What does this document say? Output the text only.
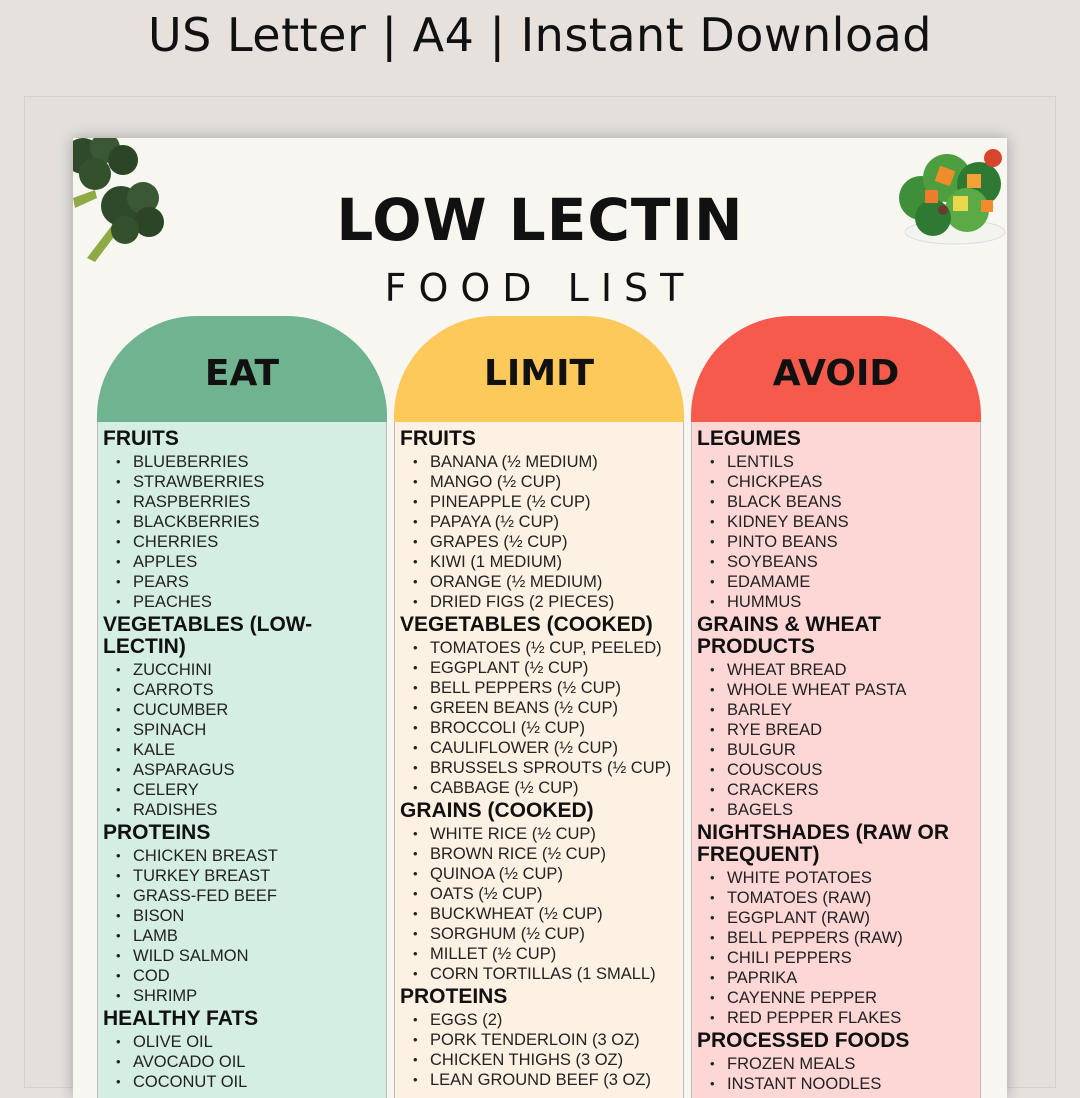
US Letter | A4 | Instant Download
LOW LECTIN
FOOD LIST
EAT
FRUITS
• BLUEBERRIES
• STRAWBERRIES
• RASPBERRIES
• BLACKBERRIES
• CHERRIES
• APPLES
• PEARS
• PEACHES
VEGETABLES (LOW-LECTIN)
• ZUCCHINI
• CARROTS
• CUCUMBER
• SPINACH
• KALE
• ASPARAGUS
• CELERY
• RADISHES
PROTEINS
• CHICKEN BREAST
• TURKEY BREAST
• GRASS-FED BEEF
• BISON
• LAMB
• WILD SALMON
• COD
• SHRIMP
HEALTHY FATS
• OLIVE OIL
• AVOCADO OIL
• COCONUT OIL
LIMIT
FRUITS
• BANANA (½ MEDIUM)
• MANGO (½ CUP)
• PINEAPPLE (½ CUP)
• PAPAYA (½ CUP)
• GRAPES (½ CUP)
• KIWI (1 MEDIUM)
• ORANGE (½ MEDIUM)
• DRIED FIGS (2 PIECES)
VEGETABLES (COOKED)
• TOMATOES (½ CUP, PEELED)
• EGGPLANT (½ CUP)
• BELL PEPPERS (½ CUP)
• GREEN BEANS (½ CUP)
• BROCCOLI (½ CUP)
• CAULIFLOWER (½ CUP)
• BRUSSELS SPROUTS (½ CUP)
• CABBAGE (½ CUP)
GRAINS (COOKED)
• WHITE RICE (½ CUP)
• BROWN RICE (½ CUP)
• QUINOA (½ CUP)
• OATS (½ CUP)
• BUCKWHEAT (½ CUP)
• SORGHUM (½ CUP)
• MILLET (½ CUP)
• CORN TORTILLAS (1 SMALL)
PROTEINS
• EGGS (2)
• PORK TENDERLOIN (3 OZ)
• CHICKEN THIGHS (3 OZ)
• LEAN GROUND BEEF (3 OZ)
AVOID
LEGUMES
• LENTILS
• CHICKPEAS
• BLACK BEANS
• KIDNEY BEANS
• PINTO BEANS
• SOYBEANS
• EDAMAME
• HUMMUS
GRAINS & WHEAT PRODUCTS
• WHEAT BREAD
• WHOLE WHEAT PASTA
• BARLEY
• RYE BREAD
• BULGUR
• COUSCOUS
• CRACKERS
• BAGELS
NIGHTSHADES (RAW OR FREQUENT)
• WHITE POTATOES
• TOMATOES (RAW)
• EGGPLANT (RAW)
• BELL PEPPERS (RAW)
• CHILI PEPPERS
• PAPRIKA
• CAYENNE PEPPER
• RED PEPPER FLAKES
PROCESSED FOODS
• FROZEN MEALS
• INSTANT NOODLES
